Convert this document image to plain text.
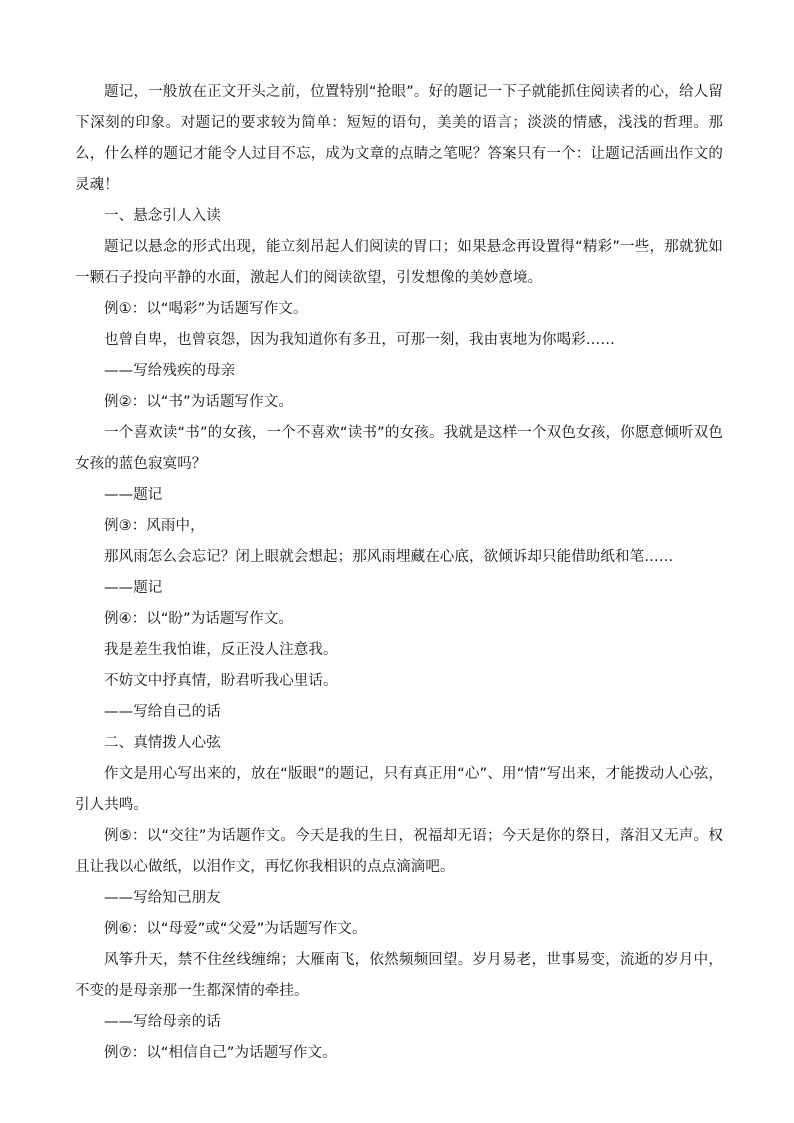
题记，一般放在正文开头之前，位置特别“抢眼”。好的题记一下子就能抓住阅读者的心，给人留下深刻的印象。对题记的要求较为简单：短短的语句，美美的语言；淡淡的情感，浅浅的哲理。那么，什么样的题记才能令人过目不忘，成为文章的点睛之笔呢？答案只有一个：让题记活画出作文的灵魂！

一、悬念引人入读

题记以悬念的形式出现，能立刻吊起人们阅读的胃口；如果悬念再设置得“精彩”一些，那就犹如一颗石子投向平静的水面，激起人们的阅读欲望，引发想像的美妙意境。

例①：以“喝彩”为话题写作文。

也曾自卑，也曾哀怨，因为我知道你有多丑，可那一刻，我由衷地为你喝彩……

——写给残疾的母亲

例②：以“书”为话题写作文。

一个喜欢读“书”的女孩，一个不喜欢“读书”的女孩。我就是这样一个双色女孩，你愿意倾听双色女孩的蓝色寂寞吗？

——题记

例③：风雨中，

那风雨怎么会忘记？闭上眼就会想起；那风雨埋藏在心底，欲倾诉却只能借助纸和笔……

——题记

例④：以“盼”为话题写作文。

我是差生我怕谁，反正没人注意我。

不妨文中抒真情，盼君听我心里话。

——写给自己的话

二、真情拨人心弦

作文是用心写出来的，放在“版眼”的题记，只有真正用“心”、用“情”写出来，才能拨动人心弦，引人共鸣。

例⑤：以“交往”为话题作文。今天是我的生日，祝福却无语；今天是你的祭日，落泪又无声。权且让我以心做纸，以泪作文，再忆你我相识的点点滴滴吧。

——写给知己朋友

例⑥：以“母爱”或“父爱”为话题写作文。

风筝升天，禁不住丝线缠绵；大雁南飞，依然频频回望。岁月易老，世事易变，流逝的岁月中，不变的是母亲那一生都深情的牵挂。

——写给母亲的话

例⑦：以“相信自己”为话题写作文。
